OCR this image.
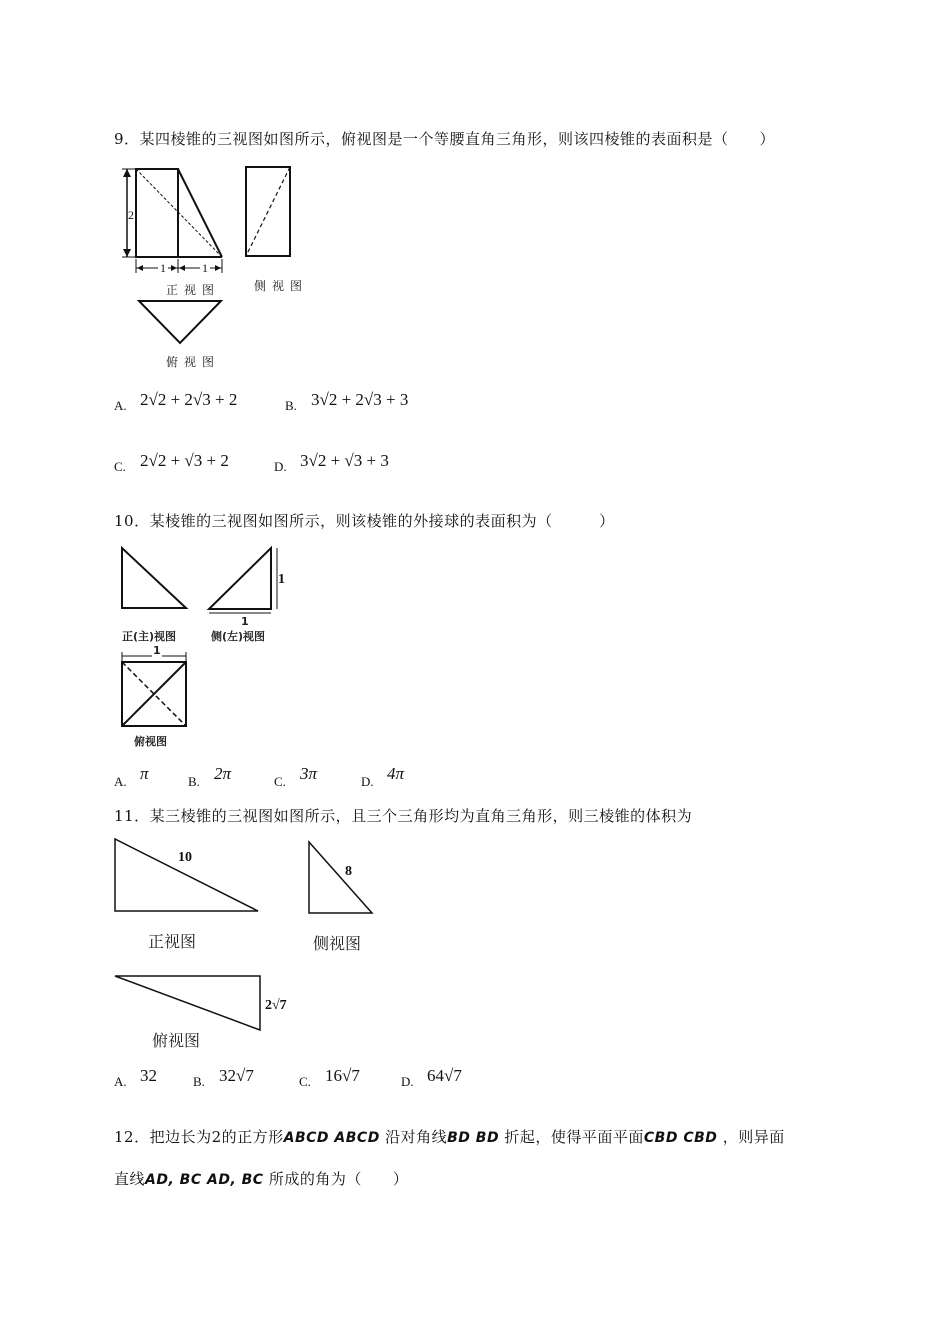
9．某四棱锥的三视图如图所示，俯视图是一个等腰直角三角形，则该四棱锥的表面积是（　　）
2
1	1
正视图	侧视图
俯视图
A. 2√2 + 2√3 + 2	B. 3√2 + 2√3 + 3
C. 2√2 + √3 + 2	D. 3√2 + √3 + 3
10．某棱锥的三视图如图所示，则该棱锥的外接球的表面积为（　　　）
正(主)视图
1
1
侧(左)视图
1
俯视图
A. π	B. 2π	C. 3π	D. 4π
11．某三棱锥的三视图如图所示，且三个三角形均为直角三角形，则三棱锥的体积为
10
正视图
8
侧视图
2√7
俯视图
A. 32	B. 32√7	C. 16√7	D. 64√7
12．把边长为2的正方形ABCD ABCD 沿对角线BD BD 折起，使得平面平面CBD CBD ，则异面
直线AD, BC AD, BC 所成的角为（　　）
